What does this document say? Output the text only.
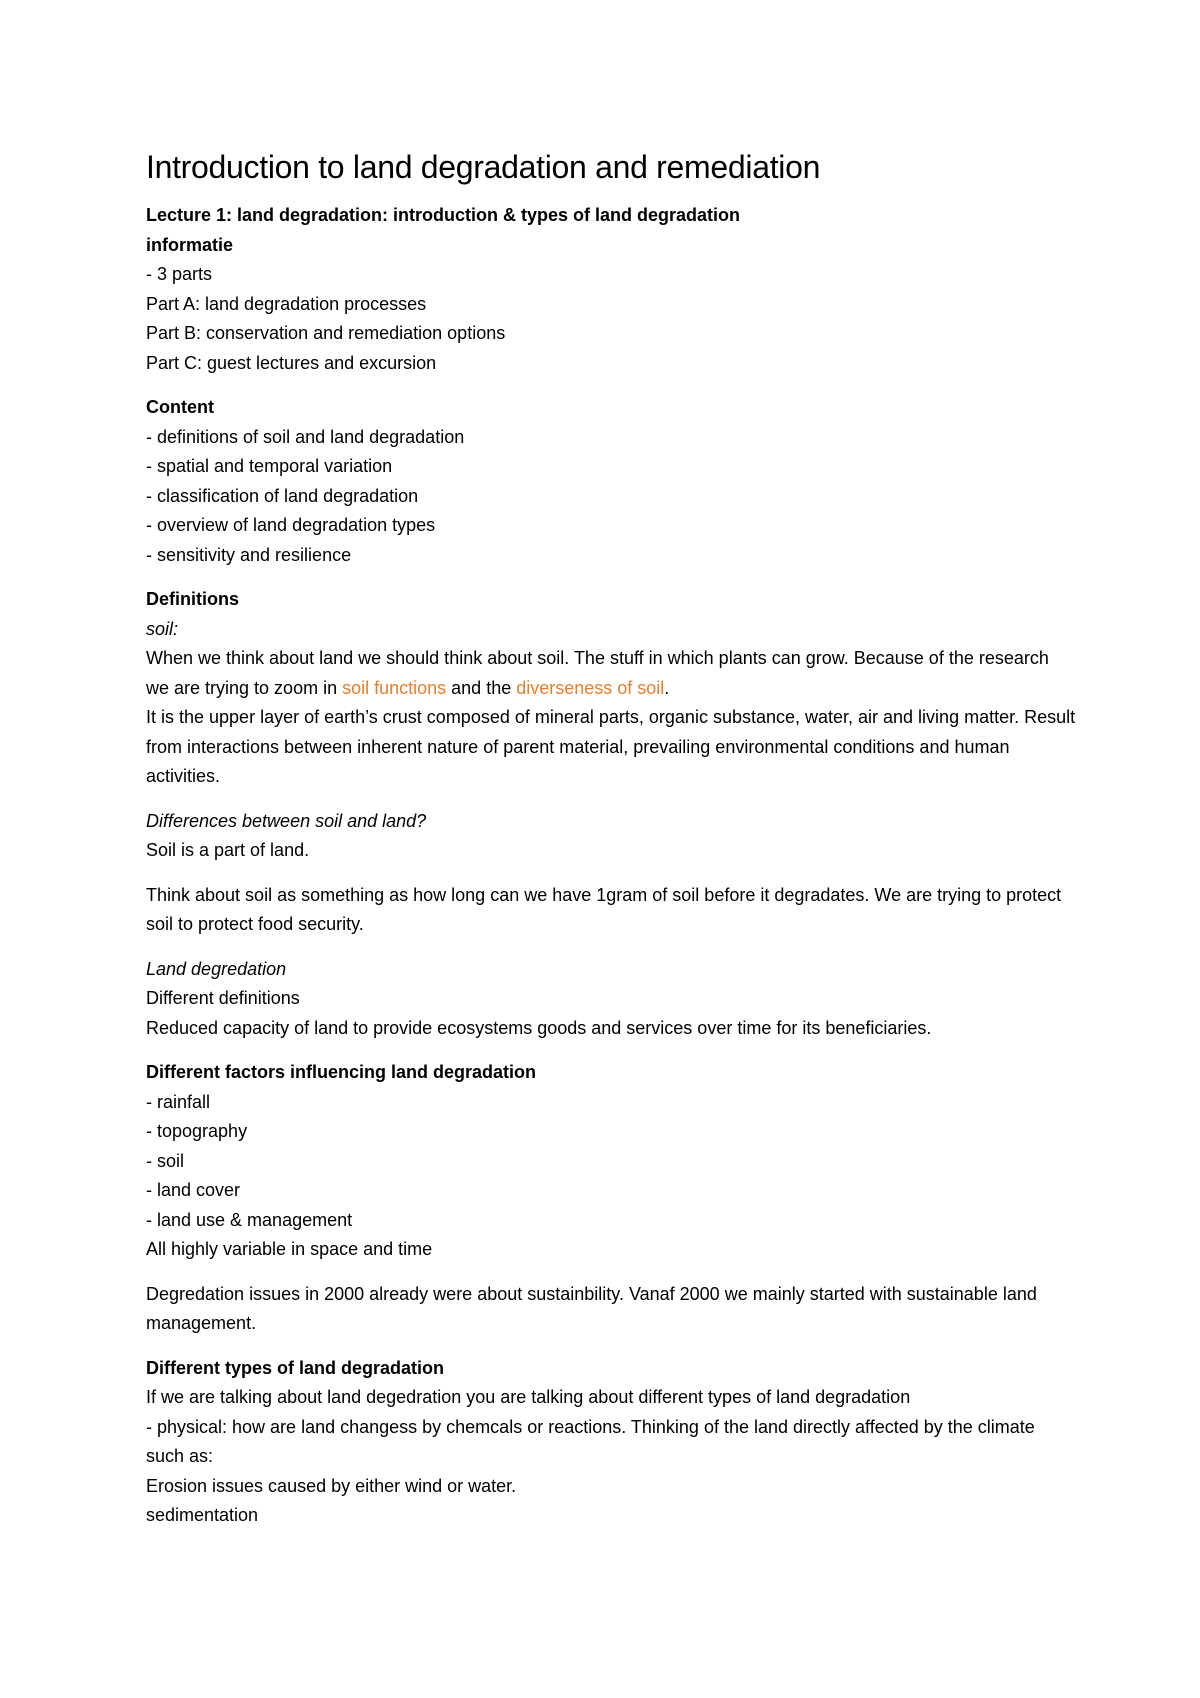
Introduction to land degradation and remediation

Lecture 1: land degradation: introduction & types of land degradation

informatie

- 3 parts

Part A: land degradation processes

Part B: conservation and remediation options

Part C: guest lectures and excursion

Content

- definitions of soil and land degradation

- spatial and temporal variation

- classification of land degradation

- overview of land degradation types

- sensitivity and resilience

Definitions

soil:

When we think about land we should think about soil. The stuff in which plants can grow. Because of the research we are trying to zoom in soil functions and the diverseness of soil.

It is the upper layer of earth’s crust composed of mineral parts, organic substance, water, air and living matter. Result from interactions between inherent nature of parent material, prevailing environmental conditions and human activities.

Differences between soil and land?

Soil is a part of land.

Think about soil as something as how long can we have 1gram of soil before it degradates. We are trying to protect soil to protect food security.

Land degredation

Different definitions

Reduced capacity of land to provide ecosystems goods and services over time for its beneficiaries.

Different factors influencing land degradation

- rainfall

- topography

- soil

- land cover

- land use & management

All highly variable in space and time

Degredation issues in 2000 already were about sustainbility. Vanaf 2000 we mainly started with sustainable land management.

Different types of land degradation

If we are talking about land degedration you are talking about different types of land degradation

- physical: how are land changess by chemcals or reactions. Thinking of the land directly affected by the climate such as:

Erosion issues caused by either wind or water.

sedimentation
